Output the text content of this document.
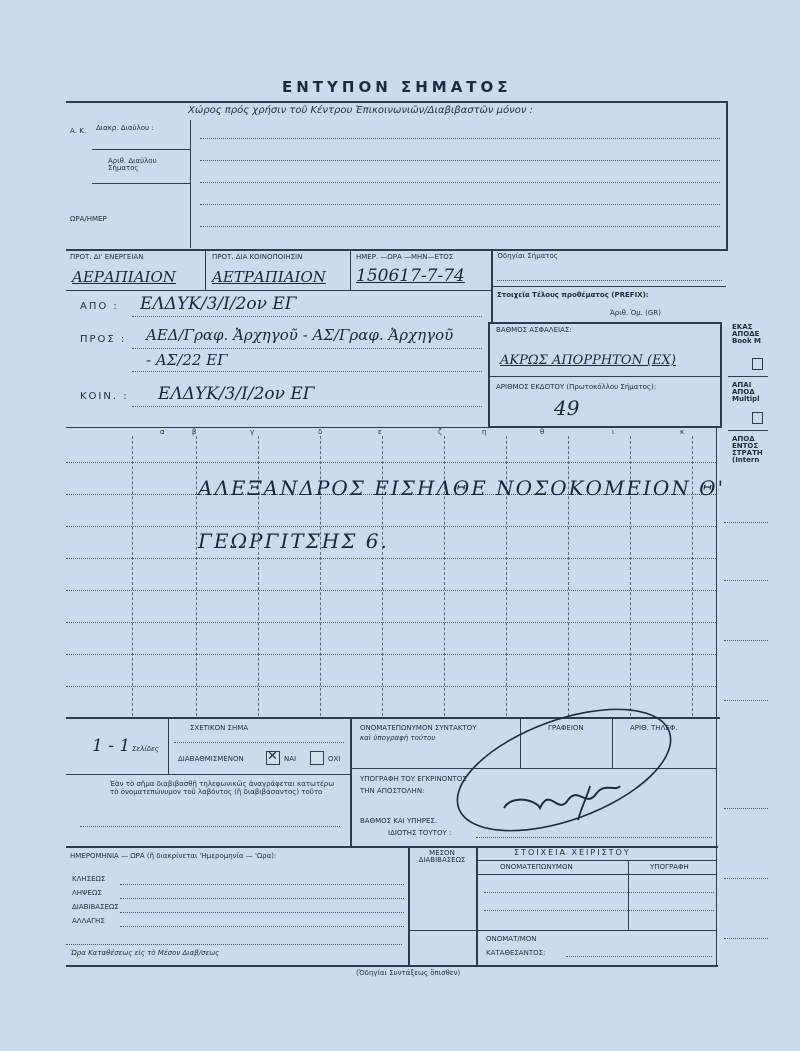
ΕΝΤΥΠΟΝ ΣΗΜΑΤΟΣ
Χώρος πρός χρήσιν τοῦ Κέντρου Ἐπικοινωνιῶν/Διαβιβαστῶν μόνον :
Α. Κ. Διακρ. Διαύλου :
Αριθ. Διαύλου Σήματος
ΩΡΑ/ΗΜΕΡ
ΠΡΟΤ. ΔΙ' ΕΝΕΡΓΕΙΑΝ	ΠΡΟΤ. ΔΙΑ ΚΟΙΝΟΠΟΙΗΣΙΝ	ΗΜΕΡ. —ΩΡΑ —ΜΗΝ—ΕΤΟΣ
ΑΕΡΑΠΙΑΙΟΝ ΑΕΤΡΑΠΙΑΙΟΝ 150617-7-74
Ὁδηγίαι Σήματος
Στοιχεῖα Τέλους προθέματος (PREFIX):
Ἀριθ. Ὁμ. (GR)
ΑΠΟ : ΕΛΔΥΚ/3/Ι/2ον ΕΓ
ΠΡΟΣ : ΑΕΔ/Γραφ. Ἀρχηγοῦ - ΑΣ/Γραφ. Ἀρχηγοῦ
- ΑΣ/22 ΕΓ
ΚΟΙΝ. : ΕΛΔΥΚ/3/Ι/2ον ΕΓ
ΒΑΘΜΟΣ ΑΣΦΑΛΕΙΑΣ:
ΑΚΡΩΣ ΑΠΟΡΡΗΤΟΝ (ΕΧ)
ΑΡΙΘΜΟΣ ΕΚΔΟΤΟΥ (Πρωτοκόλλου Σήματος):
49
ΕΚΑΣ ΑΠΟΔΕ Book M
ΑΠΑΙ ΑΠΟΔ Multipl
ΑΠΟΔ ΕΝΤΟΣ ΣΤΡΑΤΗ (Intern
α	β	γ	δ	ε	ζ	η	θ	ι	κ
ΑΛΕΞΑΝΔΡΟΣ ΕΙΣΗΛΘΕ ΝΟΣΟΚΟΜΕΙΟΝ Θ'
ΓΕΩΡΓΙΤΣΗΣ 6.
1 - 1 Σελίδες
ΣΧΕΤΙΚΟΝ ΣΗΜΑ
ΔΙΑΒΑΘΜΙΣΜΕΝΟΝ ✕ ΝΑΙ	ΟΧΙ
Ἐὰν τὸ σῆμα διαβιβασθῇ τηλεφωνικῶς ἀναγράφεται κατωτέρω τὸ ὀνοματεπώνυμον τοῦ λαβόντος (ἢ διαβιβάσαντος) τοῦτο
ΟΝΟΜΑΤΕΠΩΝΥΜΟΝ ΣΥΝΤΑΚΤΟΥ
καὶ ὑπογραφὴ τούτου
ΓΡΑΦΕΙΟΝ	ΑΡΙΘ. ΤΗΛΕΦ.
ΥΠΟΓΡΑΦΗ ΤΟΥ ΕΓΚΡΙΝΟΝΤΟΣ
ΤΗΝ ΑΠΟΣΤΟΛΗΝ:
ΒΑΘΜΟΣ ΚΑΙ ΥΠΗΡΕΣ.
ΙΔΙΟΤΗΣ ΤΟΥΤΟΥ :
ΗΜΕΡΟΜΗΝΙΑ — ΩΡΑ (ἢ διακρίνεται 'Ημερομηνία — 'Ωρα):
ΚΛΗΣΕΩΣ
ΛΗΨΕΩΣ
ΔΙΑΒΙΒΑΣΕΩΣ
ΑΛΛΑΓΗΣ
ΜΕΣΟΝ ΔΙΑΒΙΒΑΣΕΩΣ
ΣΤΟΙΧΕΙΑ ΧΕΙΡΙΣΤΟΥ
ΟΝΟΜΑΤΕΠΩΝΥΜΟΝ	ΥΠΟΓΡΑΦΗ
Ὥρα Καταθέσεως εἰς τὸ Μέσον Διαβ/σεως
ΟΝΟΜΑΤ/ΜΟΝ
ΚΑΤΑΘΕΣΑΝΤΟΣ:
(Ὁδηγίαι Συντάξεως ὄπισθεν)
